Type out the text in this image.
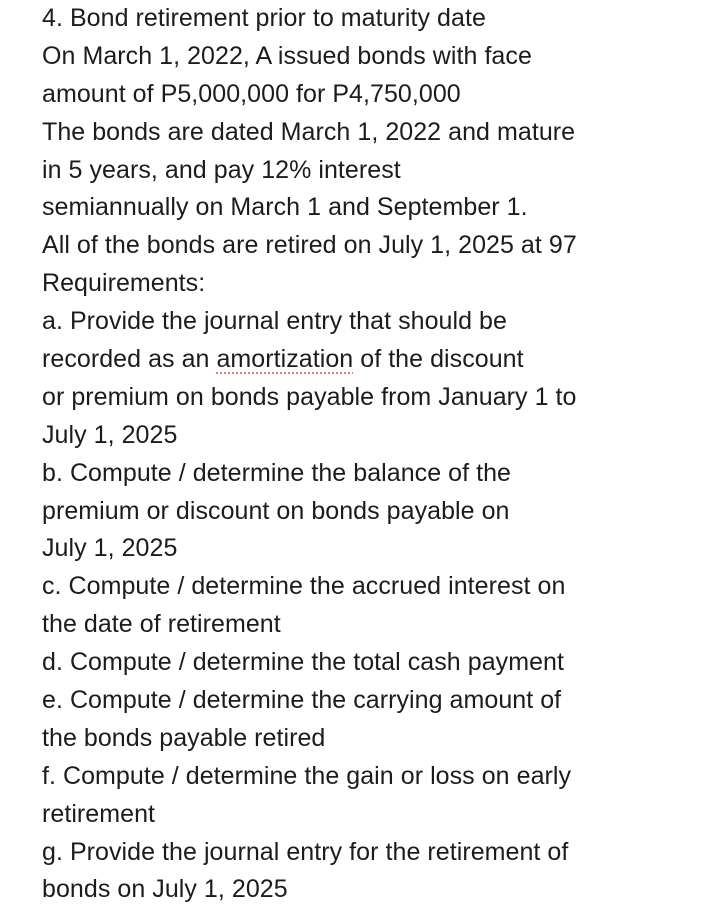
4. Bond retirement prior to maturity date
On March 1, 2022, A issued bonds with face
amount of P5,000,000 for P4,750,000
The bonds are dated March 1, 2022 and mature
in 5 years, and pay 12% interest
semiannually on March 1 and September 1.
All of the bonds are retired on July 1, 2025 at 97
Requirements:
a. Provide the journal entry that should be
recorded as an amortization of the discount
or premium on bonds payable from January 1 to
July 1, 2025
b. Compute / determine the balance of the
premium or discount on bonds payable on
July 1, 2025
c. Compute / determine the accrued interest on
the date of retirement
d. Compute / determine the total cash payment
e. Compute / determine the carrying amount of
the bonds payable retired
f. Compute / determine the gain or loss on early
retirement
g. Provide the journal entry for the retirement of
bonds on July 1, 2025
